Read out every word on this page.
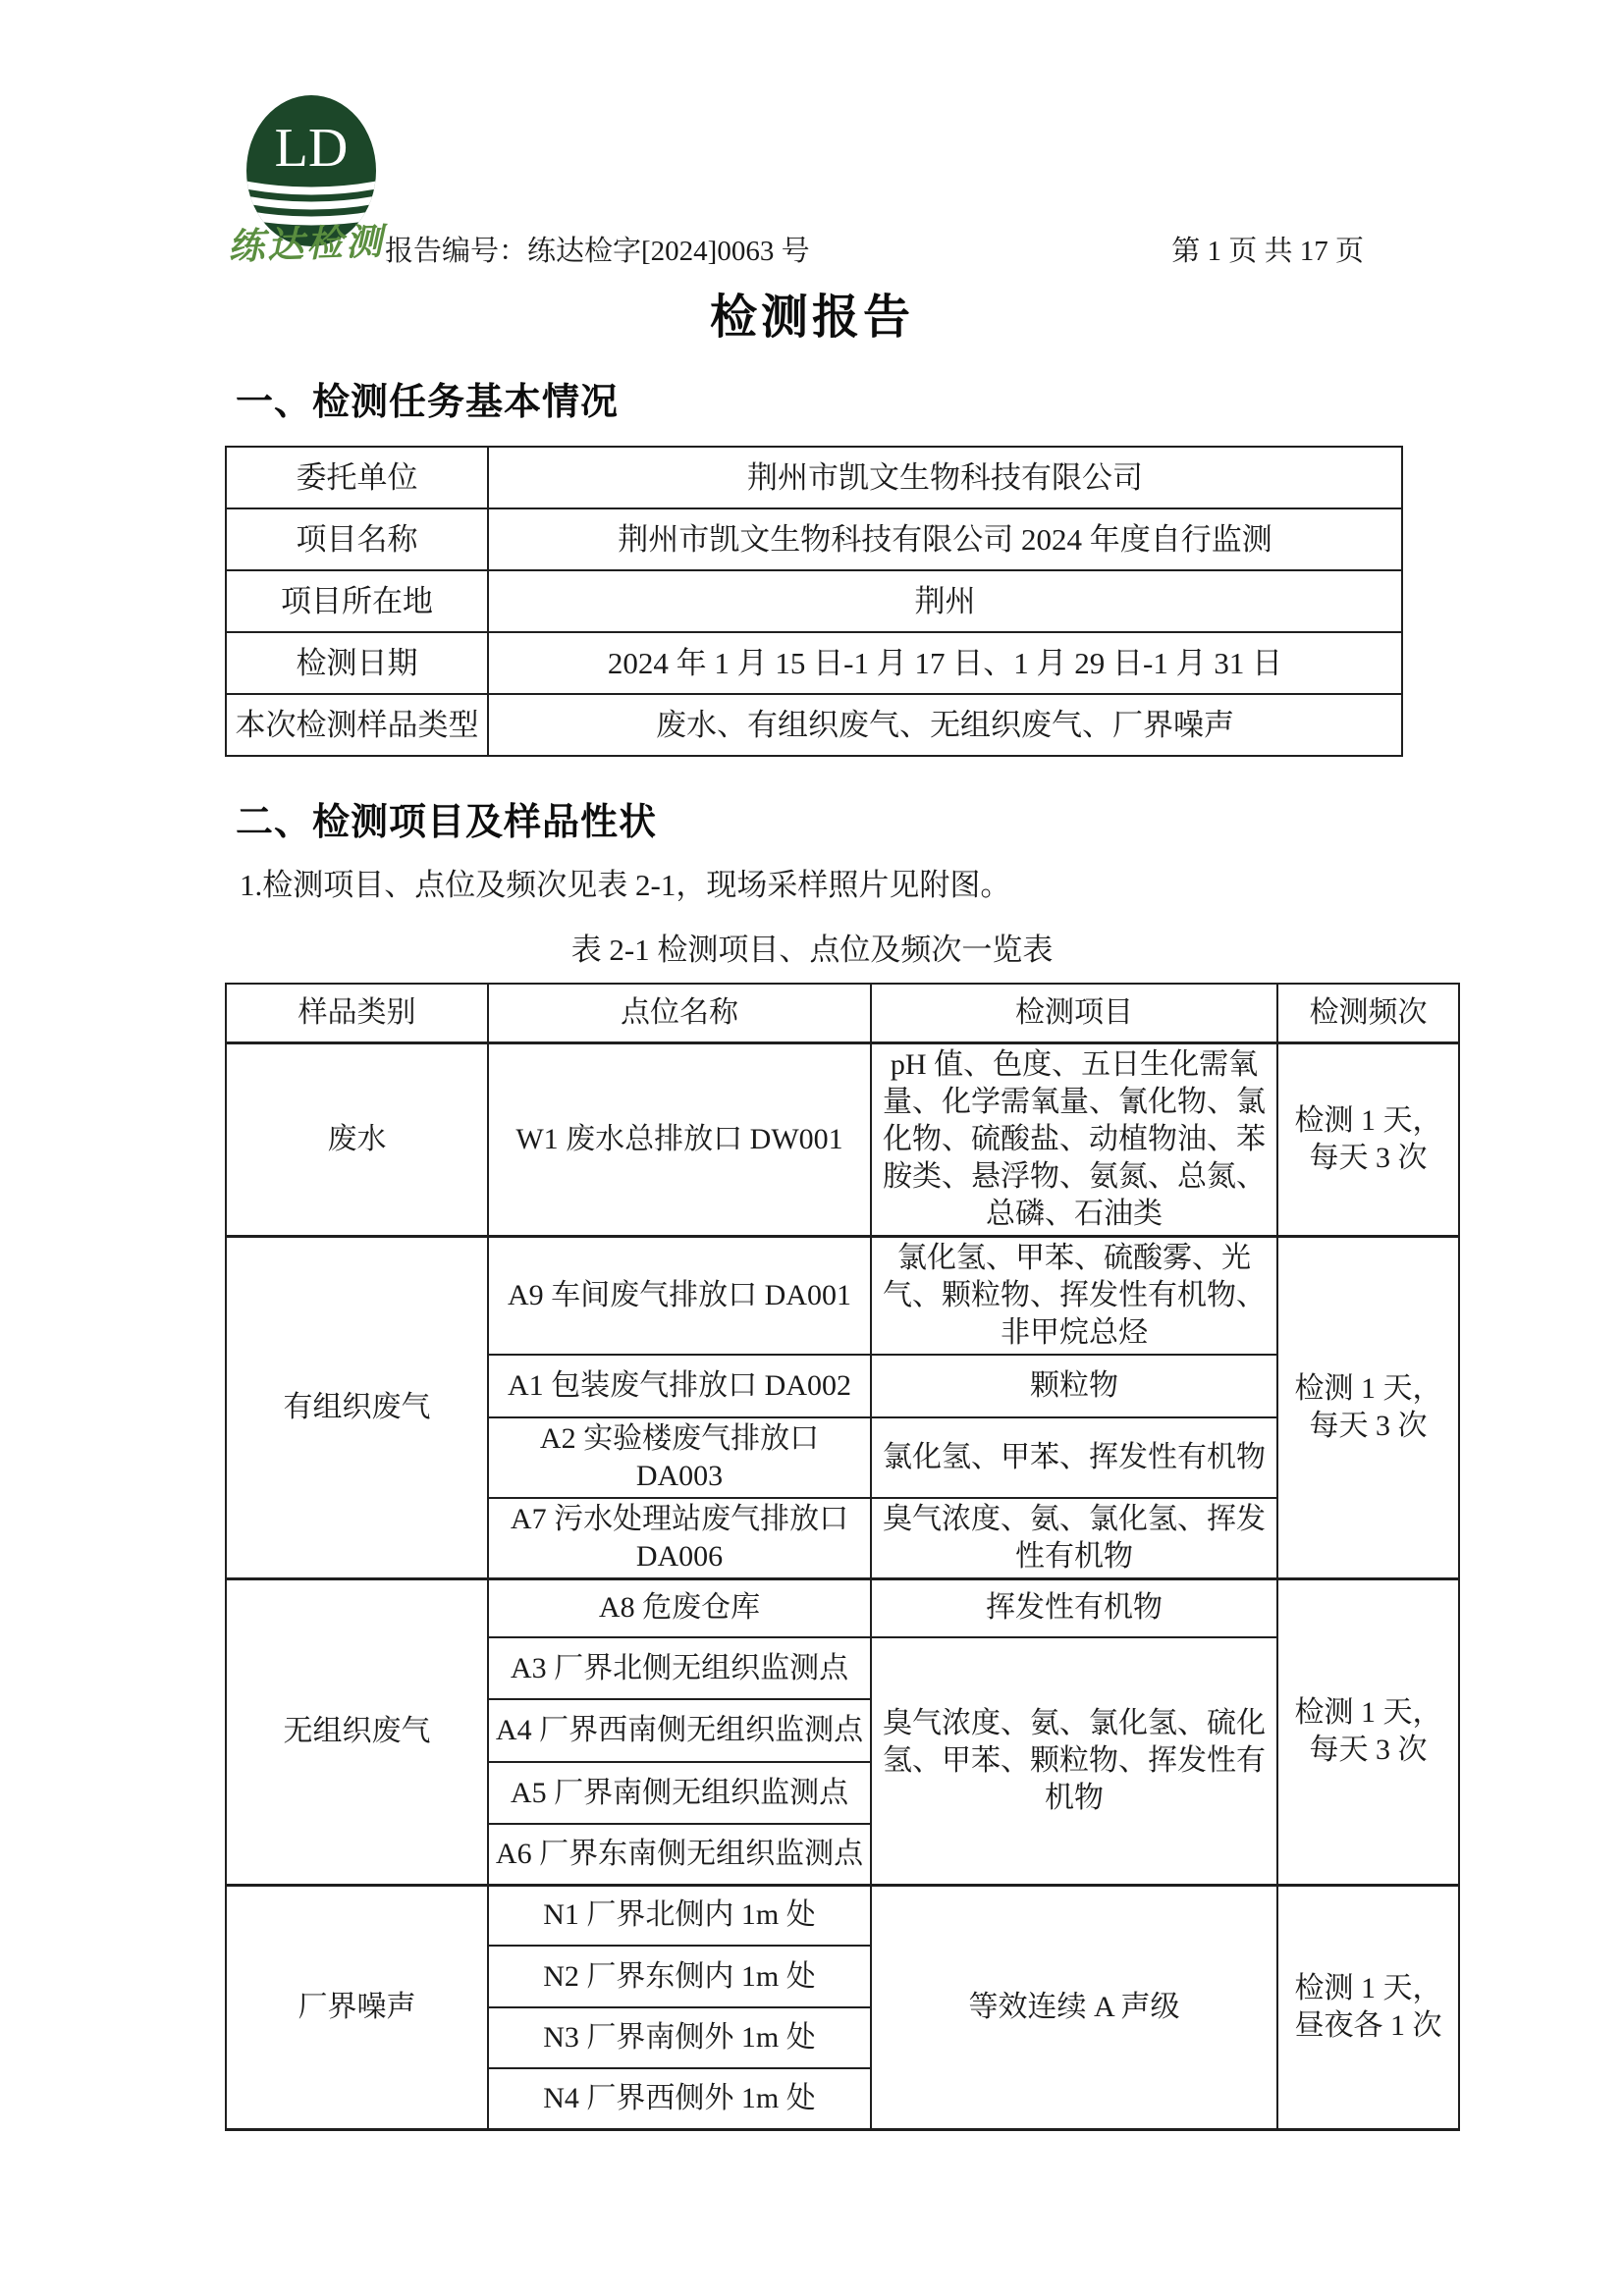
LD
练达检测 报告编号：练达检字[2024]0063 号	第 1 页 共 17 页
检测报告
一、检测任务基本情况
委托单位	荆州市凯文生物科技有限公司
项目名称	荆州市凯文生物科技有限公司 2024 年度自行监测
项目所在地	荆州
检测日期	2024 年 1 月 15 日-1 月 17 日、1 月 29 日-1 月 31 日
本次检测样品类型	废水、有组织废气、无组织废气、厂界噪声
二、检测项目及样品性状
1.检测项目、点位及频次见表 2-1，现场采样照片见附图。
表 2-1 检测项目、点位及频次一览表
样品类别	点位名称	检测项目	检测频次
废水	W1 废水总排放口 DW001	pH 值、色度、五日生化需氧量、化学需氧量、氰化物、氯化物、硫酸盐、动植物油、苯胺类、悬浮物、氨氮、总氮、总磷、石油类	检测 1 天，每天 3 次
有组织废气	A9 车间废气排放口 DA001	氯化氢、甲苯、硫酸雾、光气、颗粒物、挥发性有机物、非甲烷总烃	检测 1 天，每天 3 次
	A1 包装废气排放口 DA002	颗粒物	
	A2 实验楼废气排放口 DA003	氯化氢、甲苯、挥发性有机物	
	A7 污水处理站废气排放口 DA006	臭气浓度、氨、氯化氢、挥发性有机物	
无组织废气	A8 危废仓库	挥发性有机物	检测 1 天，每天 3 次
	A3 厂界北侧无组织监测点	臭气浓度、氨、氯化氢、硫化氢、甲苯、颗粒物、挥发性有机物	
	A4 厂界西南侧无组织监测点		
	A5 厂界南侧无组织监测点		
	A6 厂界东南侧无组织监测点		
厂界噪声	N1 厂界北侧内 1m 处	等效连续 A 声级	检测 1 天，昼夜各 1 次
	N2 厂界东侧内 1m 处		
	N3 厂界南侧外 1m 处		
	N4 厂界西侧外 1m 处		
